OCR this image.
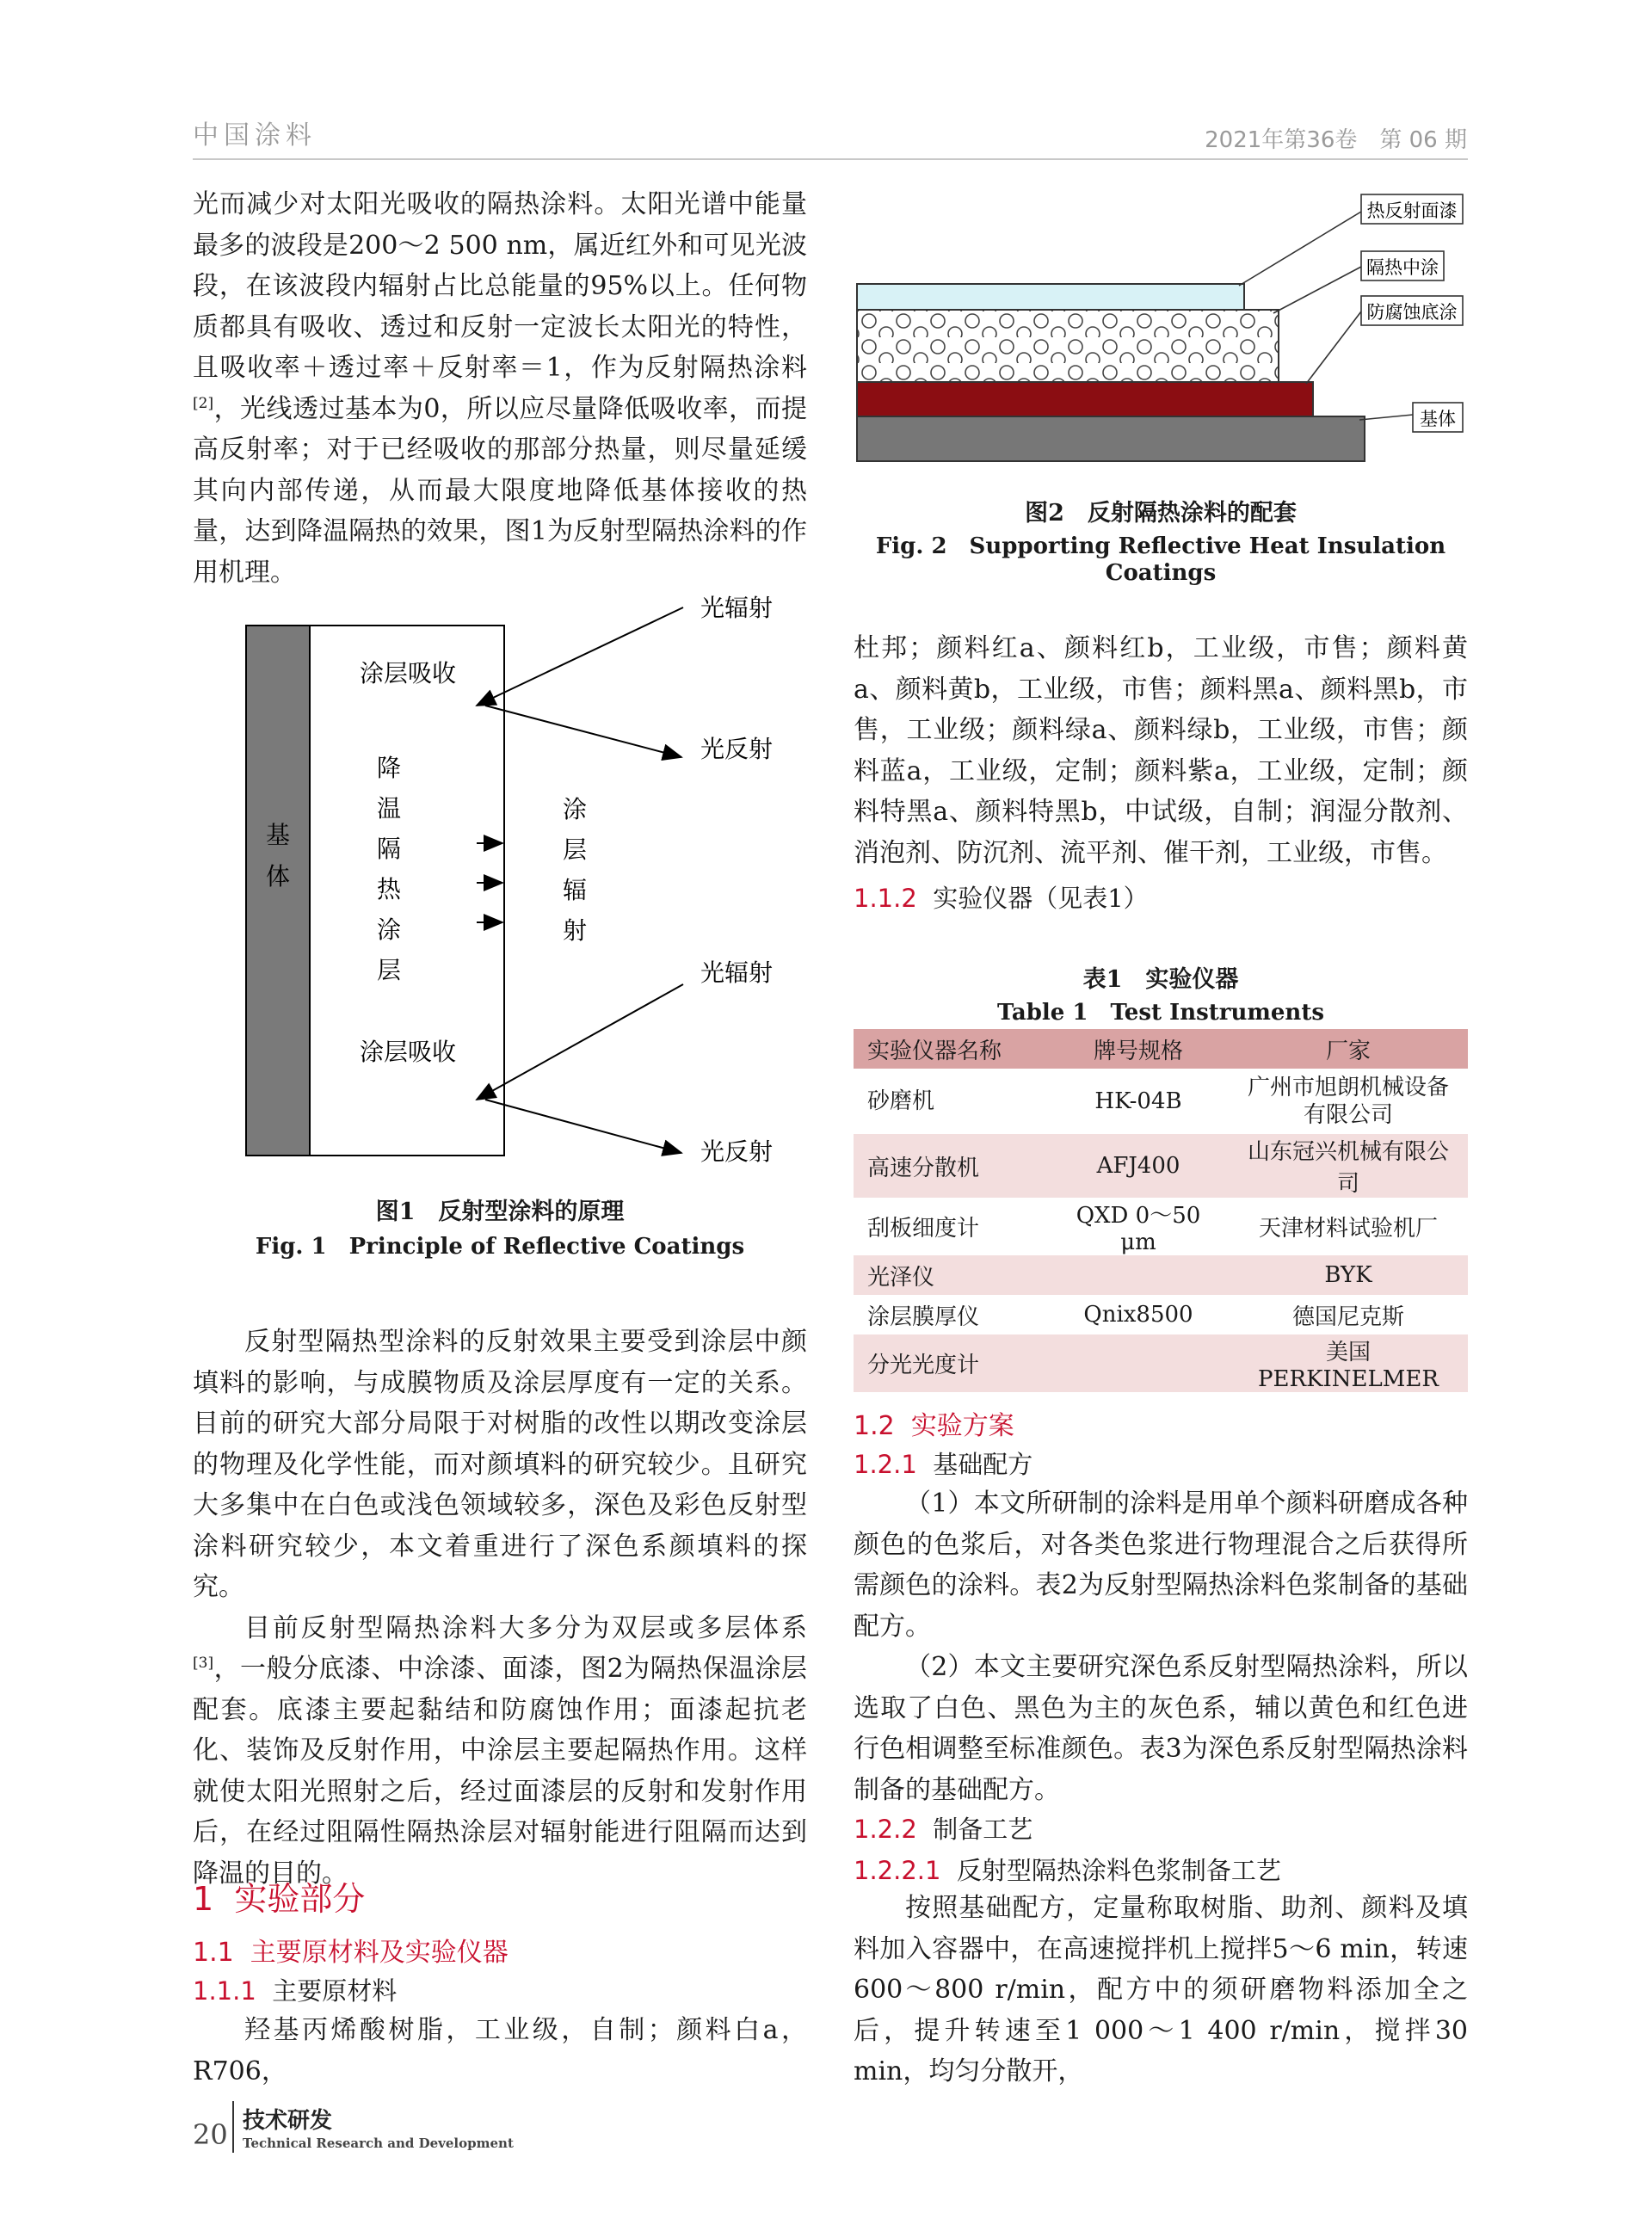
中国涂料	2021年第36卷　第 06 期

光而减少对太阳光吸收的隔热涂料。太阳光谱中能量最多的波段是200～2 500 nm，属近红外和可见光波段，在该波段内辐射占比总能量的95%以上。任何物质都具有吸收、透过和反射一定波长太阳光的特性，且吸收率＋透过率＋反射率＝1，作为反射隔热涂料[2]，光线透过基本为0，所以应尽量降低吸收率，而提高反射率；对于已经吸收的那部分热量，则尽量延缓其向内部传递，从而最大限度地降低基体接收的热量，达到降温隔热的效果，图1为反射型隔热涂料的作用机理。

基
体
涂层吸收
涂层吸收
降
温
隔
热
涂
层
涂
层
辐
射
光辐射
光反射
光辐射
光反射
图1　反射型涂料的原理
Fig. 1　Principle of Reflective Coatings

反射型隔热型涂料的反射效果主要受到涂层中颜填料的影响，与成膜物质及涂层厚度有一定的关系。目前的研究大部分局限于对树脂的改性以期改变涂层的物理及化学性能，而对颜填料的研究较少。且研究大多集中在白色或浅色领域较多，深色及彩色反射型涂料研究较少，本文着重进行了深色系颜填料的探究。

目前反射型隔热涂料大多分为双层或多层体系[3]，一般分底漆、中涂漆、面漆，图2为隔热保温涂层配套。底漆主要起黏结和防腐蚀作用；面漆起抗老化、装饰及反射作用，中涂层主要起隔热作用。这样就使太阳光照射之后，经过面漆层的反射和发射作用后，在经过阻隔性隔热涂层对辐射能进行阻隔而达到降温的目的。

1 实验部分
1.1 主要原材料及实验仪器
1.1.1 主要原材料

羟基丙烯酸树脂，工业级，自制；颜料白a，R706，

热反射面漆
隔热中涂
防腐蚀底涂
基体
图2　反射隔热涂料的配套
Fig. 2　Supporting Reflective Heat Insulation Coatings

杜邦；颜料红a、颜料红b，工业级，市售；颜料黄a、颜料黄b，工业级，市售；颜料黑a、颜料黑b，市售，工业级；颜料绿a、颜料绿b，工业级，市售；颜料蓝a，工业级，定制；颜料紫a，工业级，定制；颜料特黑a、颜料特黑b，中试级，自制；润湿分散剂、消泡剂、防沉剂、流平剂、催干剂，工业级，市售。

1.1.2 实验仪器（见表1）
表1　实验仪器
Table 1　Test Instruments
实验仪器名称	牌号规格	厂家
砂磨机	HK-04B	广州市旭朗机械设备有限公司
高速分散机	AFJ400	山东冠兴机械有限公司
刮板细度计	QXD 0～50 μm	天津材料试验机厂
光泽仪		BYK
涂层膜厚仪	Qnix8500	德国尼克斯
分光光度计		美国PERKINELMER
1.2 实验方案
1.2.1 基础配方

（1）本文所研制的涂料是用单个颜料研磨成各种颜色的色浆后，对各类色浆进行物理混合之后获得所需颜色的涂料。表2为反射型隔热涂料色浆制备的基础配方。

（2）本文主要研究深色系反射型隔热涂料，所以选取了白色、黑色为主的灰色系，辅以黄色和红色进行色相调整至标准颜色。表3为深色系反射型隔热涂料制备的基础配方。

1.2.2 制备工艺
1.2.2.1 反射型隔热涂料色浆制备工艺

按照基础配方，定量称取树脂、助剂、颜料及填料加入容器中，在高速搅拌机上搅拌5～6 min，转速600～800 r/min，配方中的须研磨物料添加全之后，提升转速至1 000～1 400 r/min，搅拌30 min，均匀分散开，

20 技术研发
Technical Research and Development
